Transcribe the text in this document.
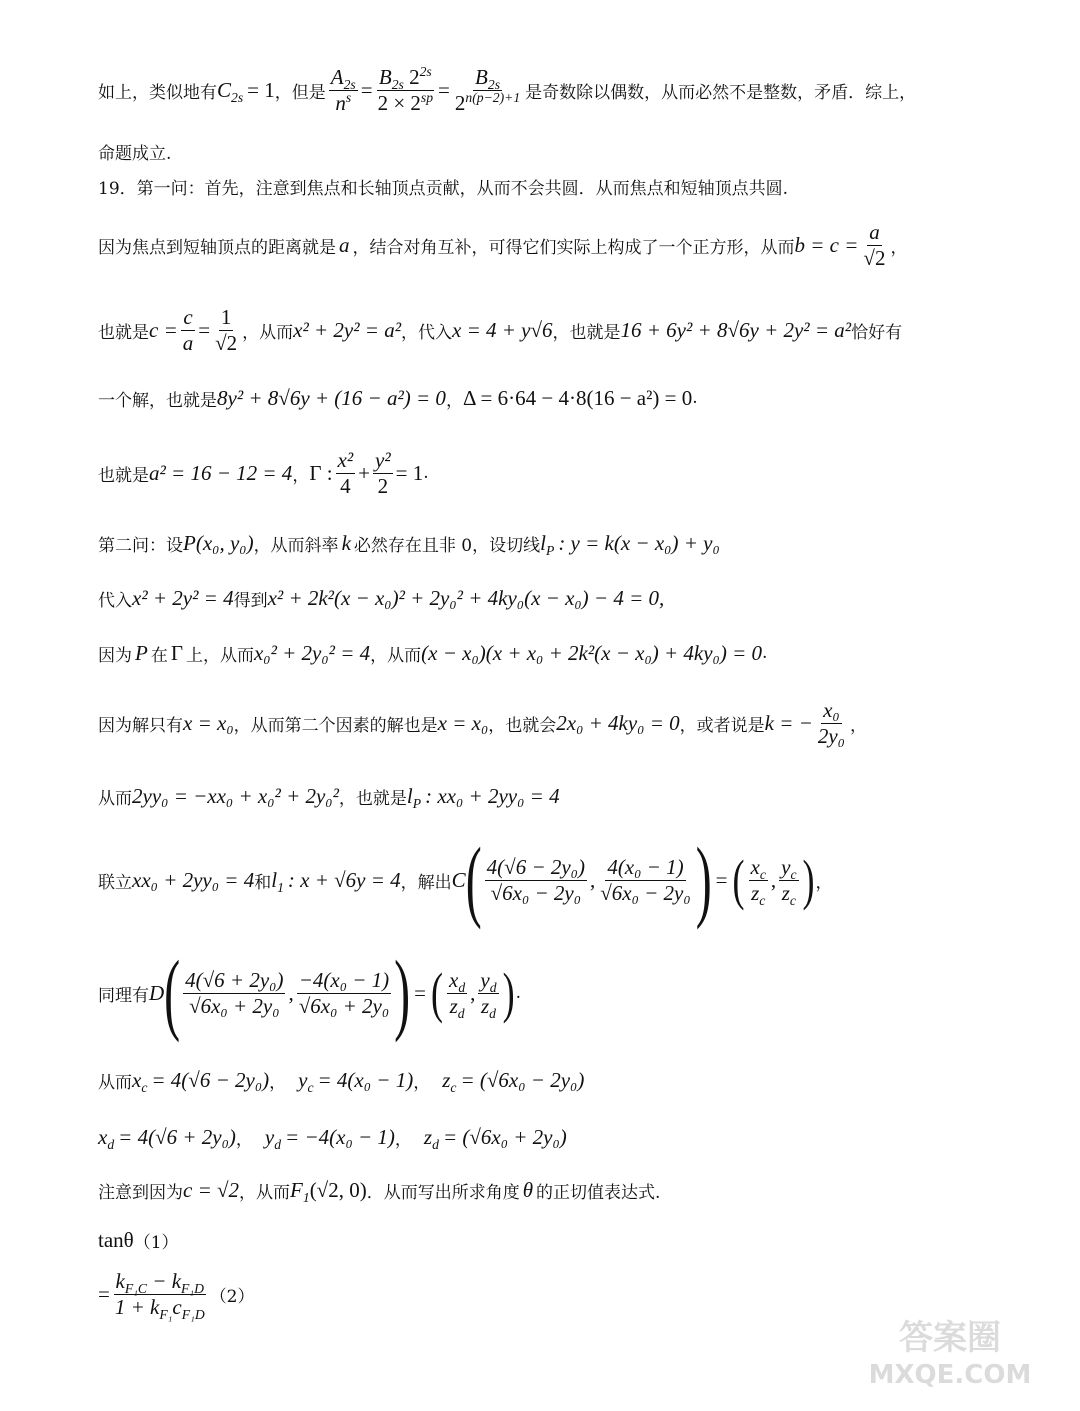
如上，类似地有 $C_{2s} = 1$ ，但是 $\frac{A_{2s}}{n^s} = \frac{B_{2s} 2^{2s}}{2 \times 2^{sp}} = \frac{B_{2s}}{2^{n(p-2)+1}}$ 是奇数除以偶数，从而必然不是整数，矛盾．综上，
命题成立.
19．第一问：首先，注意到焦点和长轴顶点贡献，从而不会共圆．从而焦点和短轴顶点共圆.
因为焦点到短轴顶点的距离就是 a ，结合对角互补，可得它们实际上构成了一个正方形，从而 $b = c = \frac{a}{√2}$ ，
也就是 $c = \frac{c}{a} = \frac{1}{√2}$ ，从而 x² + 2y² = a² ，代入 x = 4 + y√6 ，也就是 16 + 6y² + 8√6y + 2y² = a² 恰好有
一个解，也就是 8y² + 8√6y + (16 − a²) = 0 ， Δ = 6·64 − 4·8(16 − a²) = 0 .
也就是 a² = 16 − 12 = 4 ， Γ : $\frac{\text{x²}}{4} + \frac{\text{y²}}{2} = 1$ .
第二问：设 P(x₀, y₀) ，从而斜率 k 必然存在且非 0，设切线 $l_P$ : y = k(x − x₀) + y₀
代入 x² + 2y² = 4 得到 x² + 2k²(x − x₀)² + 2y₀² + 4ky₀(x − x₀) − 4 = 0,
因为 P 在 Γ 上，从而 x₀² + 2y₀² = 4 ，从而 (x − x₀)(x + x₀ + 2k²(x − x₀) + 4ky₀) = 0 .
因为解只有 x = x₀ ，从而第二个因素的解也是 x = x₀ ，也就会 2x₀ + 4ky₀ = 0 ，或者说是 k = − $\frac{\text{x₀}}{\text{2y₀}}$ ，
从而 2yy₀ = −xx₀ + x₀² + 2y₀² ，也就是 $l_P$ : xx₀ + 2yy₀ = 4
联立 xx₀ + 2yy₀ = 4 和 $l_1$ : x + √6y = 4 ，解出 C ( $\frac{\text{4(√6 − 2y₀)}}{\text{√6x₀ − 2y₀}}$ , $\frac{\text{4(x₀ − 1)}}{\text{√6x₀ − 2y₀}}$ ) = ( $\frac{x_c}{z_c}$ , $\frac{y_c}{z_c}$ ) ，
同理有 D ( $\frac{\text{4(√6 + 2y₀)}}{\text{√6x₀ + 2y₀}}$ , $\frac{\text{−4(x₀ − 1)}}{\text{√6x₀ + 2y₀}}$ ) = ( $\frac{x_d}{z_d}$ , $\frac{y_d}{z_d}$ ) .
从而 $x_c = 4(√6 - 2y_0)$ ， $y_c = 4(x_0 - 1)$ ， $z_c = (√6x_0 - 2y_0)$
$x_d = 4(√6 + 2y_0)$ ， $y_d = -4(x_0 - 1)$ ， $z_d = (√6x_0 + 2y_0)$
注意到因为 c = √2 ，从而 $F_1$ (√2, 0) ．从而写出所求角度 θ 的正切值表达式.
tanθ （1）
= $\frac{k_{F_1C} - k_{F_1D}}{1 + k_{F_1}c_{F_1D}} (2)$
答案圈
MXQE.COM
